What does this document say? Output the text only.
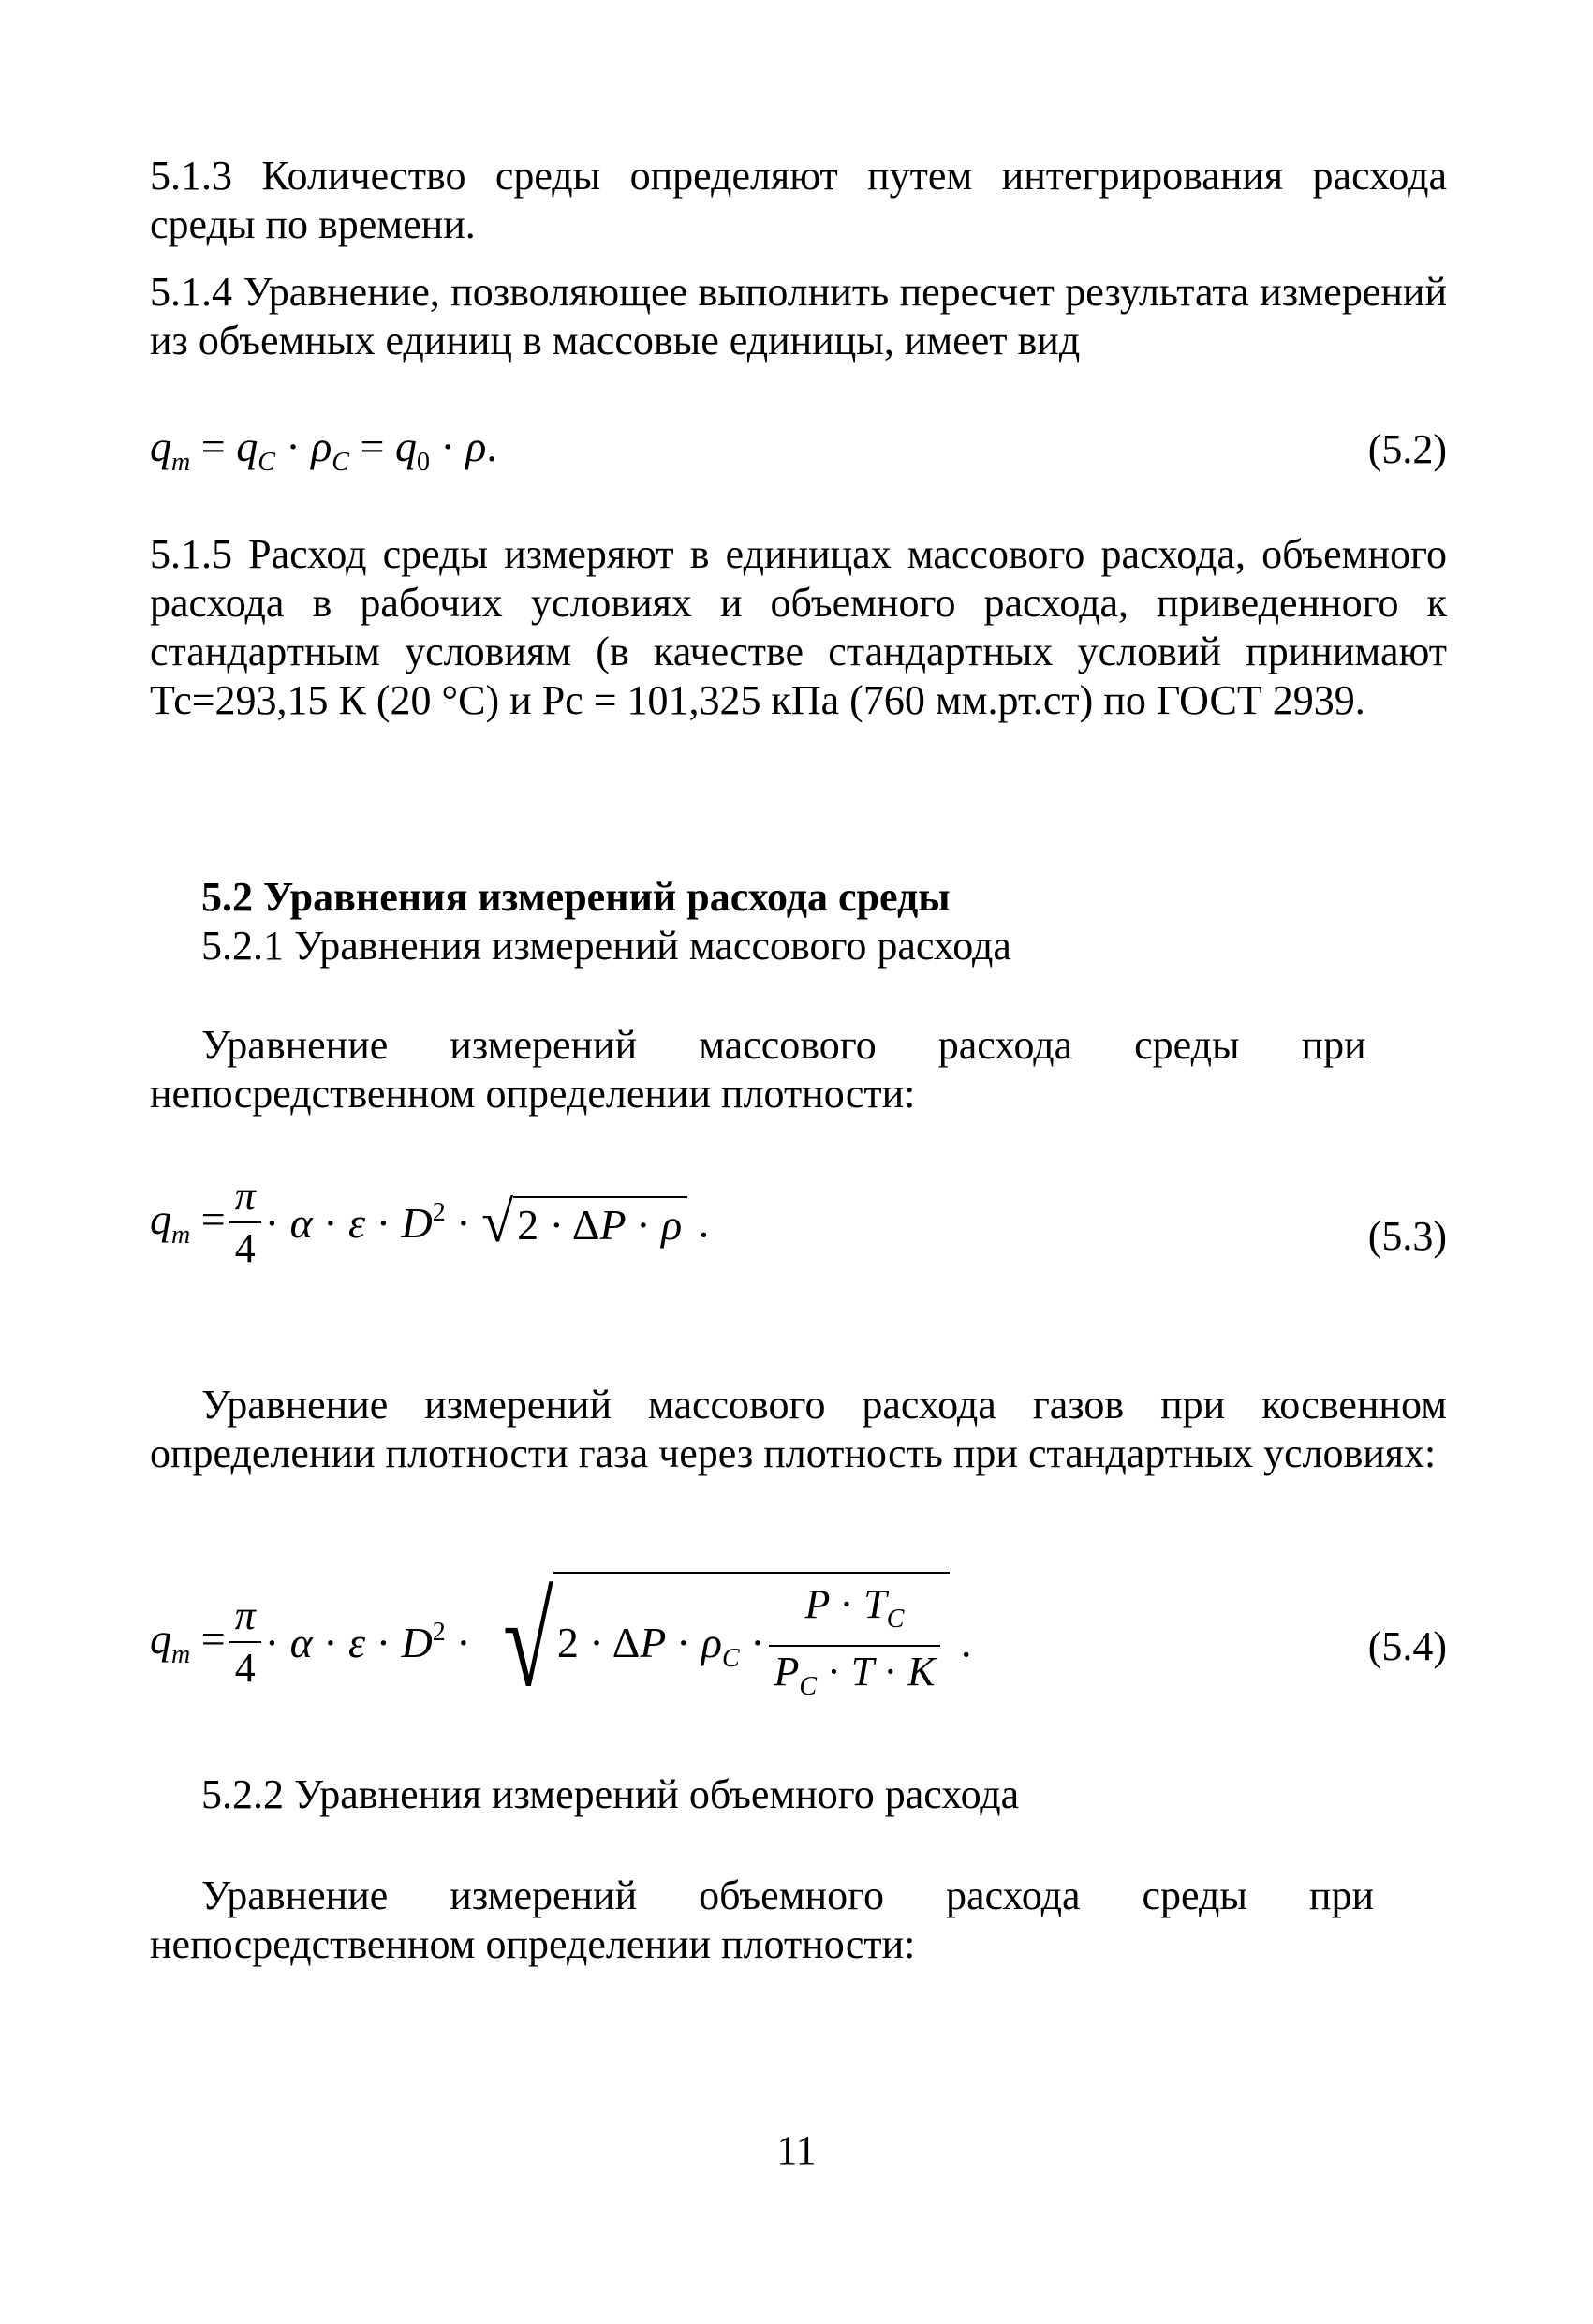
5.1.3 Количество среды определяют путем интегрирования расхода среды по времени.

5.1.4 Уравнение, позволяющее выполнить пересчет результата измерений из объемных единиц в массовые единицы, имеет вид

$q_m = q_C \cdot \rho_C = q_0 \cdot \rho$.	(5.2)

5.1.5 Расход среды измеряют в единицах массового расхода, объемного расхода в рабочих условиях и объемного расхода, приведенного к стандартным условиям (в качестве стандартных условий принимают Тс=293,15 К (20 °С) и Рс = 101,325 кПа (760 мм.рт.ст) по ГОСТ 2939.

5.2 Уравнения измерений расхода среды

5.2.1 Уравнения измерений массового расхода

Уравнение      измерений      массового      расхода      среды      при

непосредственном определении плотности:

$q_m = \frac{\pi}{4} \cdot \alpha \cdot \varepsilon \cdot D^2 \cdot √2 \cdot \Delta P \cdot \rho$ .	(5.3)

Уравнение измерений массового расхода газов при косвенном определении плотности газа через плотность при стандартных условиях:

$q_m = \frac{\pi}{4} \cdot \alpha \cdot \varepsilon \cdot D^2 \cdot √2 \cdot \Delta P \cdot \rho_C \cdot \frac{P \cdot T_C}{P_C \cdot T \cdot K}$ .	(5.4)

5.2.2 Уравнения измерений объемного расхода

Уравнение      измерений      объемного      расхода      среды      при

непосредственном определении плотности:

11
